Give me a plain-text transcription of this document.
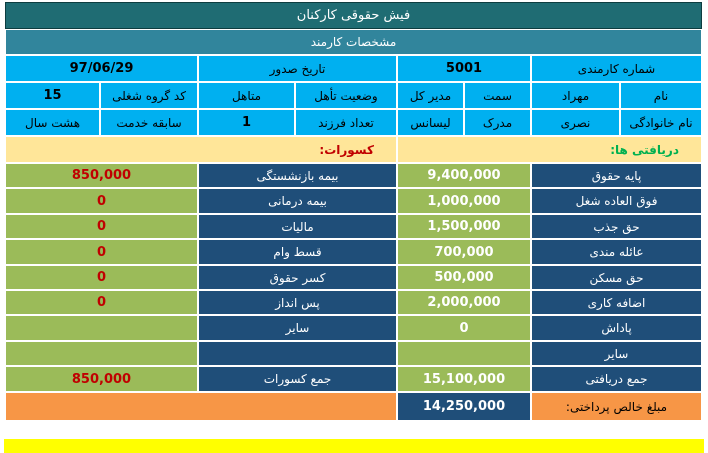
فیش حقوقی کارکنان
مشخصات کارمند
شماره کارمندی
5001
تاریخ صدور
97/06/29
نام
مهراد
سمت
مدیر کل
وضعیت تأهل
متاهل
کد گروه شغلی
15
نام خانوادگی
نصری
مدرک
لیسانس
تعداد فرزند
1
سابقه خدمت
هشت سال
دریافتی ها:
کسورات:
پایه حقوق
9,400,000
بیمه بازنشستگی
850,000
فوق العاده شغل
1,000,000
بیمه درمانی
0
حق جذب
1,500,000
مالیات
0
عائله مندی
700,000
قسط وام
0
حق مسکن
500,000
کسر حقوق
0
اضافه کاری
2,000,000
پس انداز
0
پاداش
0
سایر
سایر
جمع دریافتی
15,100,000
جمع کسورات
850,000
مبلغ خالص پرداختی:
14,250,000
